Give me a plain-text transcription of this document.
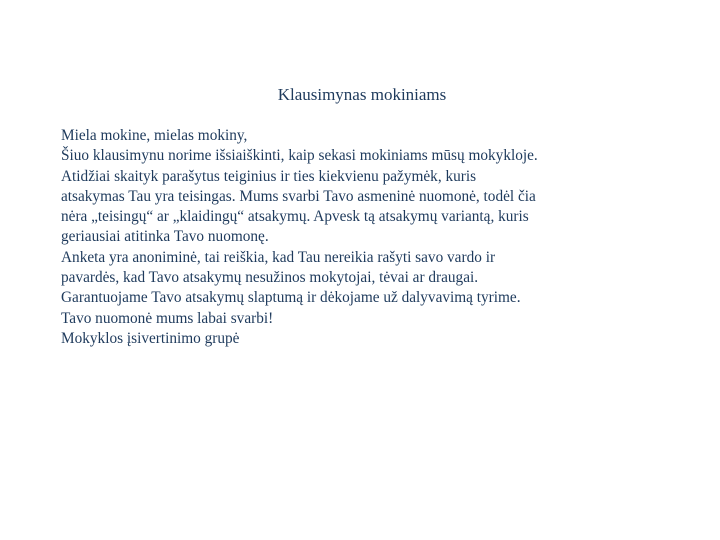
Klausimynas mokiniams
Miela mokine, mielas mokiny,
Šiuo klausimynu norime išsiaiškinti, kaip sekasi mokiniams mūsų mokykloje.
Atidžiai skaityk parašytus teiginius ir ties kiekvienu pažymėk, kuris
atsakymas Tau yra teisingas. Mums svarbi Tavo asmeninė nuomonė, todėl čia
nėra „teisingų“ ar „klaidingų“ atsakymų. Apvesk tą atsakymų variantą, kuris
geriausiai atitinka Tavo nuomonę.
Anketa yra anoniminė, tai reiškia, kad Tau nereikia rašyti savo vardo ir
pavardės, kad Tavo atsakymų nesužinos mokytojai, tėvai ar draugai.
Garantuojame Tavo atsakymų slaptumą ir dėkojame už dalyvavimą tyrime.
Tavo nuomonė mums labai svarbi!
Mokyklos įsivertinimo grupė
